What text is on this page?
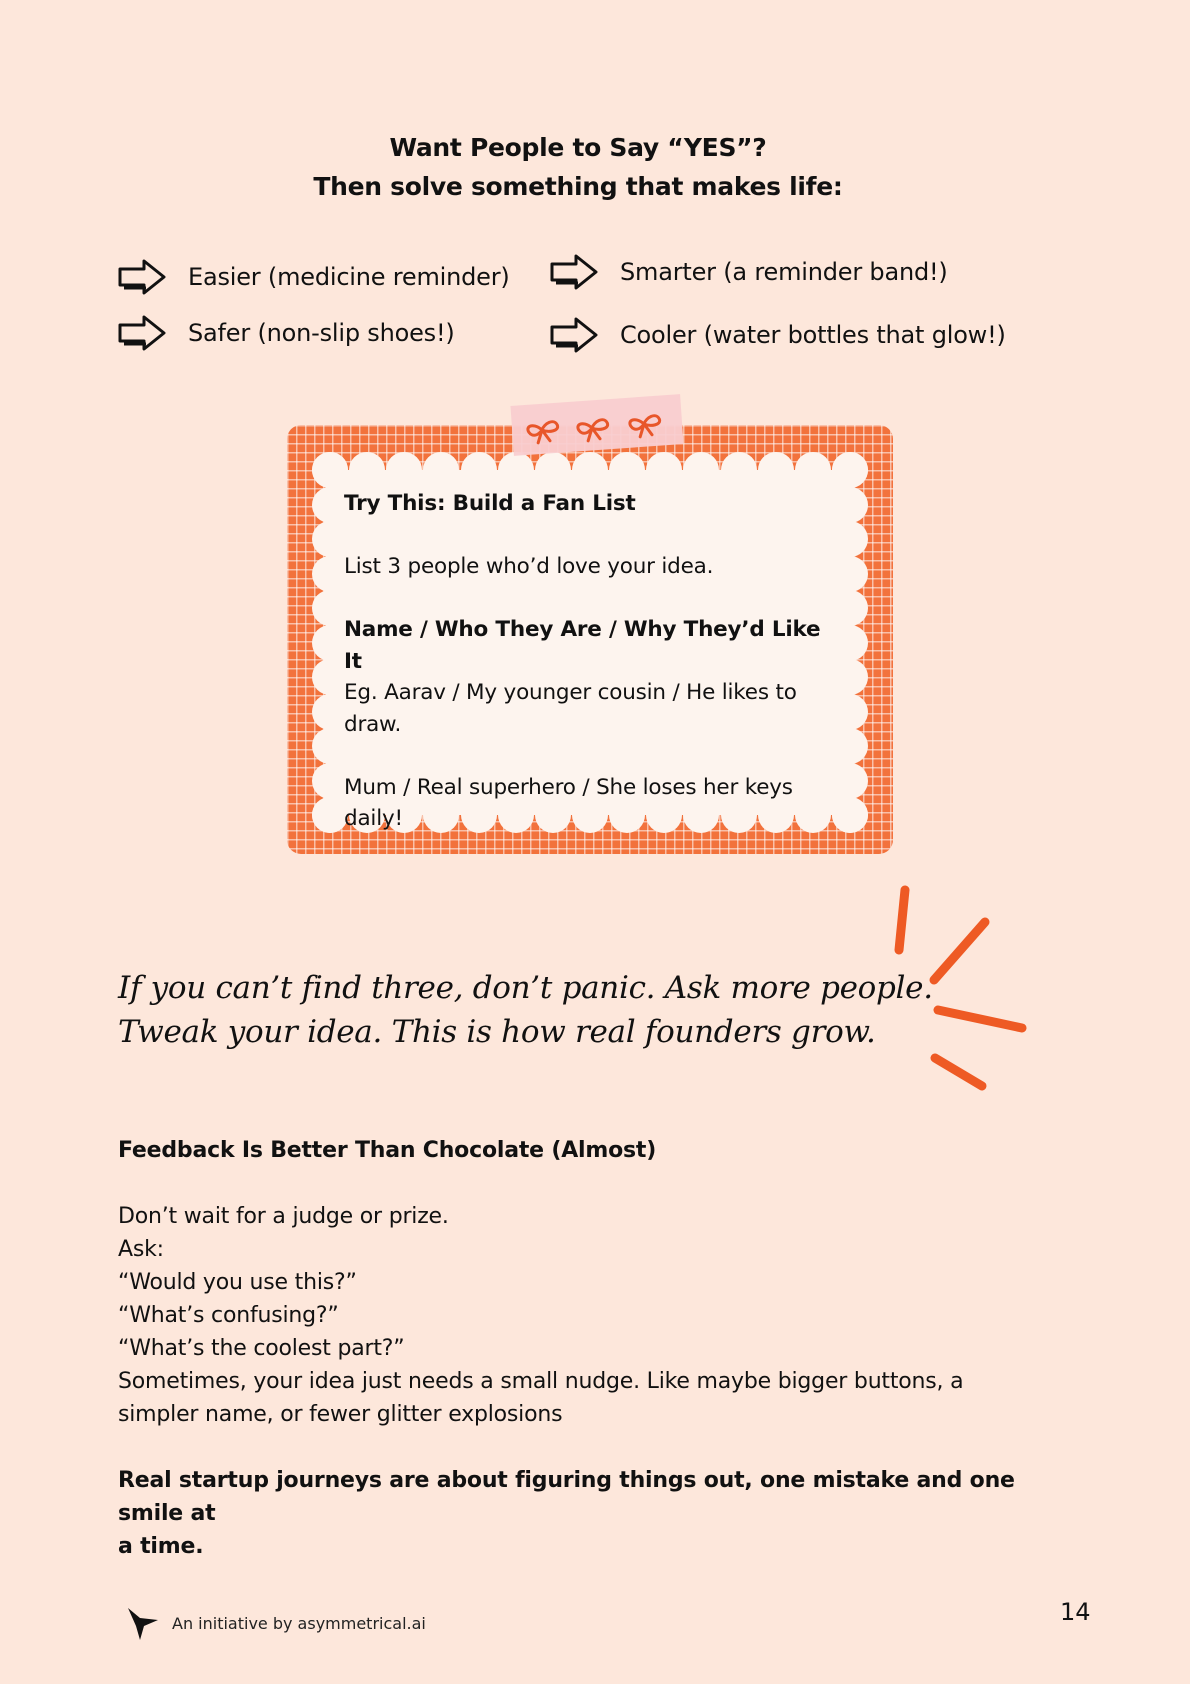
Want People to Say “YES”?
Then solve something that makes life:
Easier (medicine reminder)	Smarter (a reminder band!)
Safer (non-slip shoes!)	Cooler (water bottles that glow!)

Try This: Build a Fan List

List 3 people who’d love your idea.

Name / Who They Are / Why They’d Like It

Eg. Aarav / My younger cousin / He likes to

draw.

Mum / Real superhero / She loses her keys

daily!

If you can’t find three, don’t panic. Ask more people.

Tweak your idea. This is how real founders grow.

Feedback Is Better Than Chocolate (Almost)

Don’t wait for a judge or prize.

Ask:

“Would you use this?”

“What’s confusing?”

“What’s the coolest part?”

Sometimes, your idea just needs a small nudge. Like maybe bigger buttons, a

simpler name, or fewer glitter explosions

Real startup journeys are about figuring things out, one mistake and one smile at

a time.

An initiative by asymmetrical.ai	14
